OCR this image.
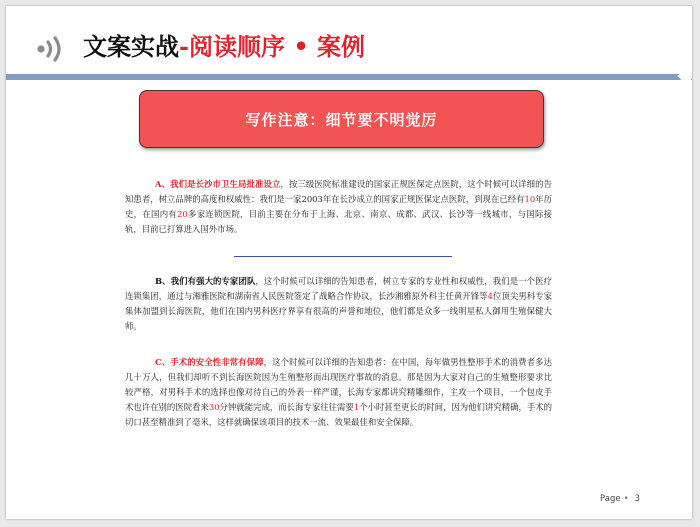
文案实战-阅读顺序 • 案例
写作注意：细节要不明觉厉
A、我们是长沙市卫生局批准设立，按三级医院标准建设的国家正规医保定点医院，这个时候可以详细的告知患者，树立品牌的高度和权威性：我们是一家2003年在长沙成立的国家正规医保定点医院，到现在已经有10年历史，在国内有20多家连锁医院，目前主要在分布于上海、北京、南京、成都、武汉、长沙等一线城市，与国际接轨，目前已打算进入国外市场。
B、我们有强大的专家团队，这个时候可以详细的告知患者，树立专家的专业性和权威性，我们是一个医疗连锁集团，通过与湘雅医院和湖南省人民医院签定了战略合作协议，长沙湘雅原外科主任黄开锋等4位顶尖男科专家集体加盟到长海医院，他们在国内男科医疗界享有很高的声誉和地位，他们都是众多一线明星私人御用生殖保健大师。
C、手术的安全性非常有保障，这个时候可以详细的告知患者：在中国，每年做男性整形手术的消费者多达几十万人，但我们却听不到长海医院因为生殖整形而出现医疗事故的消息。那是因为大家对自己的生殖整形要求比较严格，对男科手术的选择也像对待自己的外表一样严谨，长海专家都讲究精雕细作，主攻一个项目，一个包皮手术也许在别的医院看来30分钟就能完成，而长海专家往往需要1个小时甚至更长的时间，因为他们讲究精确，手术的切口甚至精准到了毫米，这样就确保该项目的技术一流、效果最佳和安全保障。
Page • 3
